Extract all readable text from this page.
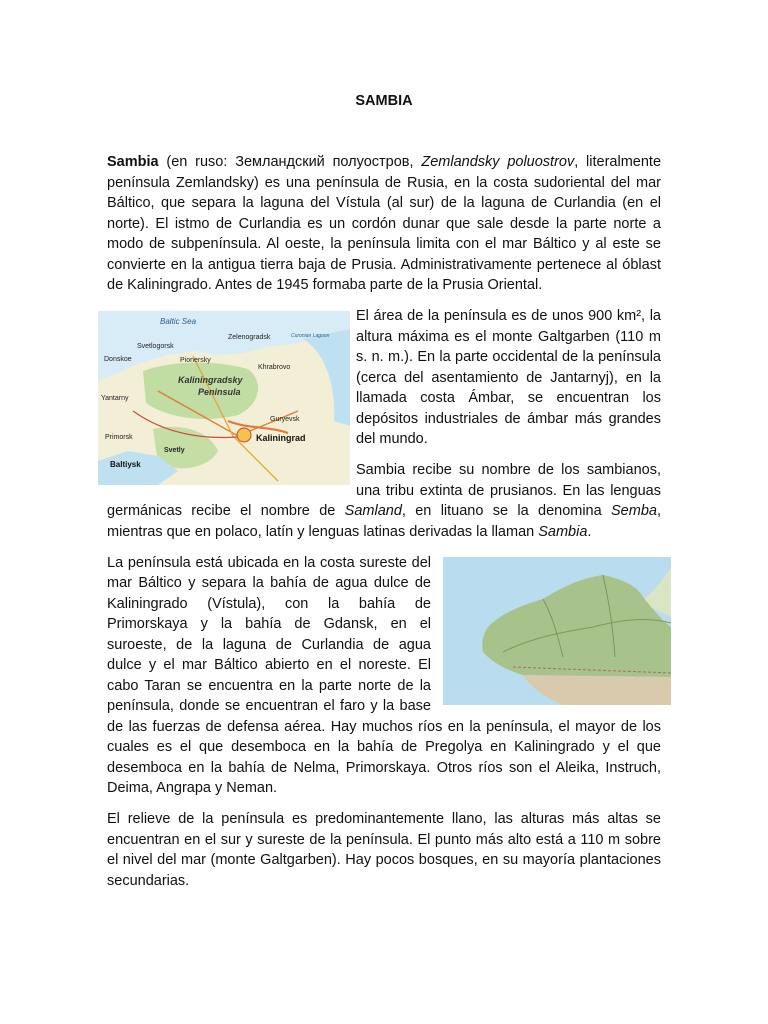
SAMBIA

Sambia (en ruso: Земландский полуостров, Zemlandsky poluostrov, literalmente península Zemlandsky) es una península de Rusia, en la costa sudoriental del mar Báltico, que separa la laguna del Vístula (al sur) de la laguna de Curlandia (en el norte). El istmo de Curlandia es un cordón dunar que sale desde la parte norte a modo de subpenínsula. Al oeste, la península limita con el mar Báltico y al este se convierte en la antigua tierra baja de Prusia. Administrativamente pertenece al óblast de Kaliningrado. Antes de 1945 formaba parte de la Prusia Oriental.
Baltic Sea
Curonian Lagoon
Kaliningradsky
Peninsula
Svetlogorsk
Zelenogradsk
Donskoe	Pionersky
Khrabrovo
Yantarny
Guryevsk
Primorsk	Kaliningrad
Svetly
Baltiysk

El área de la península es de unos 900 km², la altura máxima es el monte Galtgarben (110 m s. n. m.). En la parte occidental de la península (cerca del asentamiento de Jantarnyj), en la llamada costa Ámbar, se encuentran los depósitos industriales de ámbar más grandes del mundo.

Sambia recibe su nombre de los sambianos, una tribu extinta de prusianos. En las lenguas germánicas recibe el nombre de Samland, en lituano se la denomina Semba, mientras que en polaco, latín y lenguas latinas derivadas la llaman Sambia.

La península está ubicada en la costa sureste del mar Báltico y separa la bahía de agua dulce de Kaliningrado (Vístula), con la bahía de Primorskaya y la bahía de Gdansk, en el suroeste, de la laguna de Curlandia de agua dulce y el mar Báltico abierto en el noreste. El cabo Taran se encuentra en la parte norte de la península, donde se encuentran el faro y la base de las fuerzas de defensa aérea. Hay muchos ríos en la península, el mayor de los cuales es el que desemboca en la bahía de Pregolya en Kaliningrado y el que desemboca en la bahía de Nelma, Primorskaya. Otros ríos son el Aleika, Instruch, Deima, Angrapa y Neman.

El relieve de la península es predominantemente llano, las alturas más altas se encuentran en el sur y sureste de la península. El punto más alto está a 110 m sobre el nivel del mar (monte Galtgarben). Hay pocos bosques, en su mayoría plantaciones secundarias.
